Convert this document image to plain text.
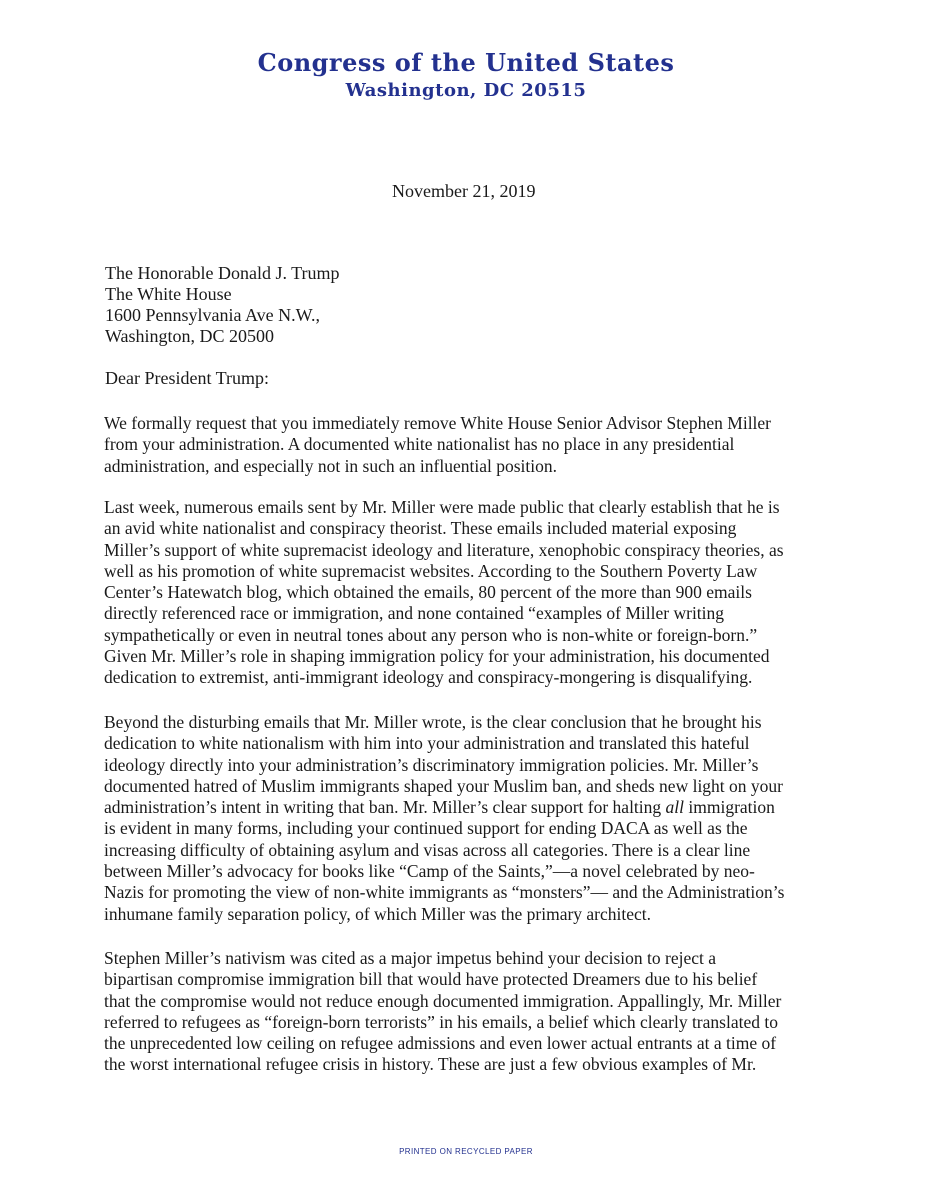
Congress of the United States
Washington, DC 20515
November 21, 2019
The Honorable Donald J. Trump
The White House
1600 Pennsylvania Ave N.W.,
Washington, DC 20500
Dear President Trump:
We formally request that you immediately remove White House Senior Advisor Stephen Miller
from your administration. A documented white nationalist has no place in any presidential
administration, and especially not in such an influential position.
Last week, numerous emails sent by Mr. Miller were made public that clearly establish that he is
an avid white nationalist and conspiracy theorist. These emails included material exposing
Miller’s support of white supremacist ideology and literature, xenophobic conspiracy theories, as
well as his promotion of white supremacist websites. According to the Southern Poverty Law
Center’s Hatewatch blog, which obtained the emails, 80 percent of the more than 900 emails
directly referenced race or immigration, and none contained “examples of Miller writing
sympathetically or even in neutral tones about any person who is non-white or foreign-born.”
Given Mr. Miller’s role in shaping immigration policy for your administration, his documented
dedication to extremist, anti-immigrant ideology and conspiracy-mongering is disqualifying.
Beyond the disturbing emails that Mr. Miller wrote, is the clear conclusion that he brought his
dedication to white nationalism with him into your administration and translated this hateful
ideology directly into your administration’s discriminatory immigration policies. Mr. Miller’s
documented hatred of Muslim immigrants shaped your Muslim ban, and sheds new light on your
administration’s intent in writing that ban. Mr. Miller’s clear support for halting all immigration
is evident in many forms, including your continued support for ending DACA as well as the
increasing difficulty of obtaining asylum and visas across all categories. There is a clear line
between Miller’s advocacy for books like “Camp of the Saints,”—a novel celebrated by neo-
Nazis for promoting the view of non-white immigrants as “monsters”— and the Administration’s
inhumane family separation policy, of which Miller was the primary architect.
Stephen Miller’s nativism was cited as a major impetus behind your decision to reject a
bipartisan compromise immigration bill that would have protected Dreamers due to his belief
that the compromise would not reduce enough documented immigration. Appallingly, Mr. Miller
referred to refugees as “foreign-born terrorists” in his emails, a belief which clearly translated to
the unprecedented low ceiling on refugee admissions and even lower actual entrants at a time of
the worst international refugee crisis in history. These are just a few obvious examples of Mr.
PRINTED ON RECYCLED PAPER
